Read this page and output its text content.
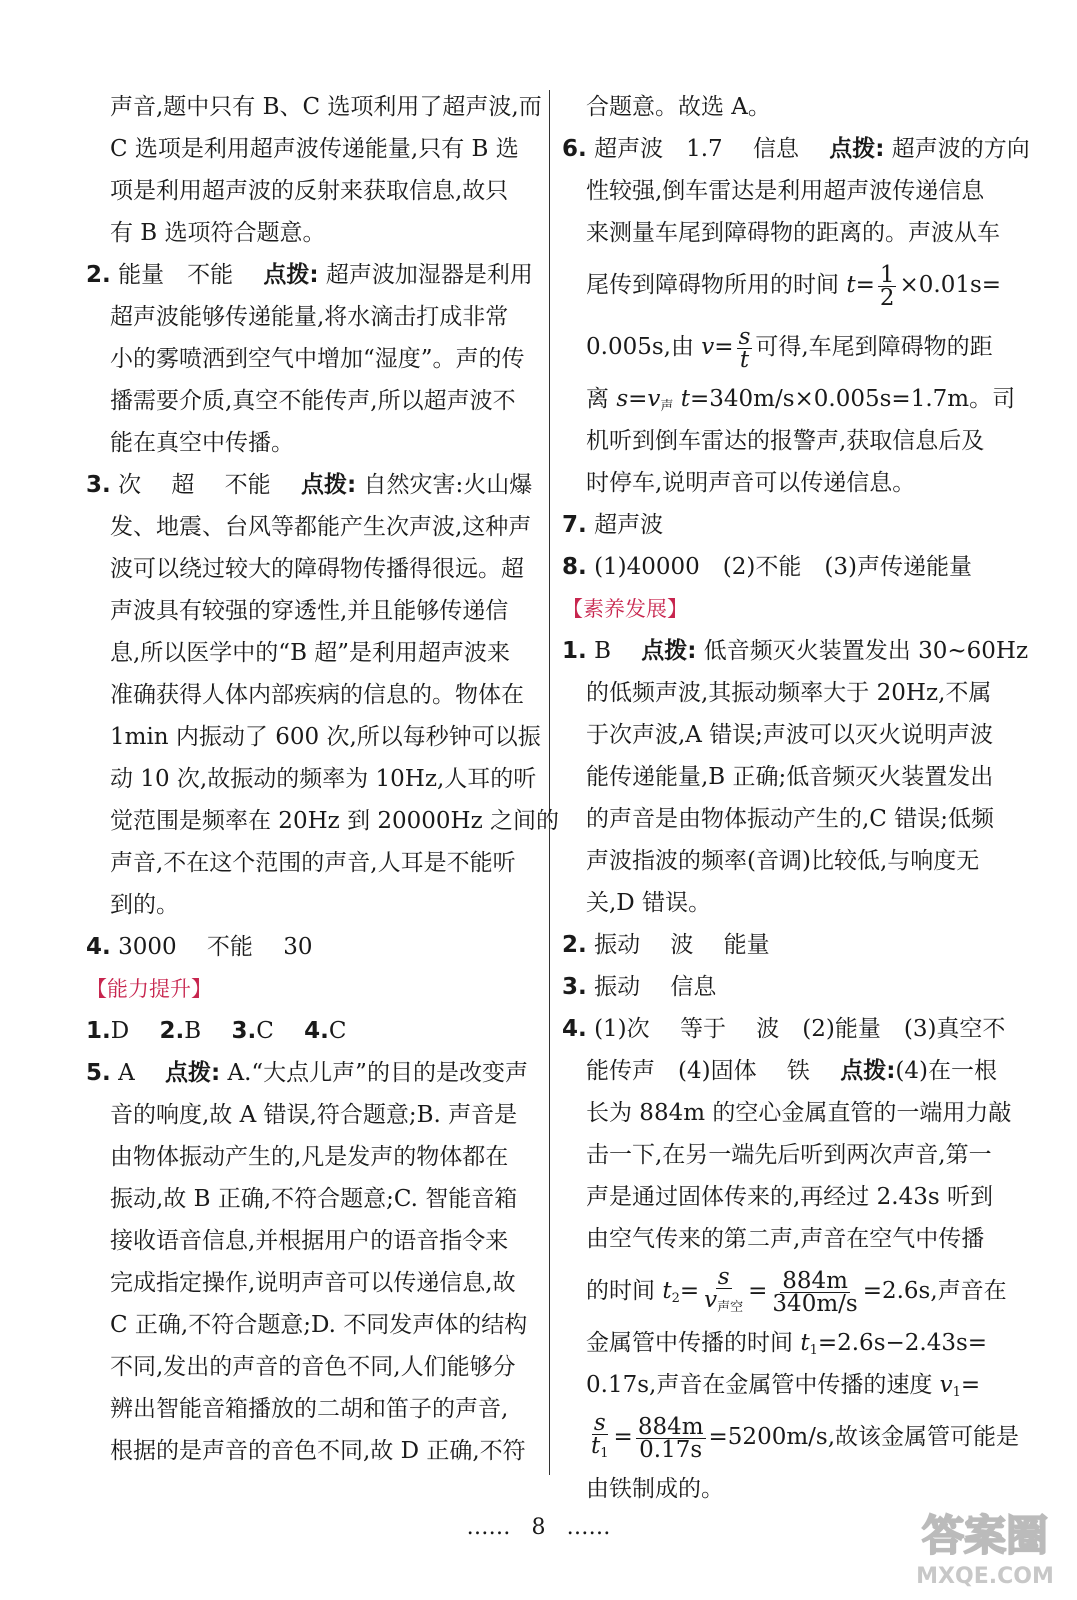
声音,题中只有 B、C 选项利用了超声波,而
C 选项是利用超声波传递能量,只有 B 选
项是利用超声波的反射来获取信息,故只
有 B 选项符合题意。
2. 能量　不能　 点拨: 超声波加湿器是利用
超声波能够传递能量,将水滴击打成非常
小的雾喷洒到空气中增加“湿度”。声的传
播需要介质,真空不能传声,所以超声波不
能在真空中传播。
3. 次　 超　 不能　 点拨: 自然灾害:火山爆
发、地震、台风等都能产生次声波,这种声
波可以绕过较大的障碍物传播得很远。超
声波具有较强的穿透性,并且能够传递信
息,所以医学中的“B 超”是利用超声波来
准确获得人体内部疾病的信息的。物体在
1min 内振动了 600 次,所以每秒钟可以振
动 10 次,故振动的频率为 10Hz,人耳的听
觉范围是频率在 20Hz 到 20000Hz 之间的
声音,不在这个范围的声音,人耳是不能听
到的。
4. 3000　 不能　 30
【能力提升】
1.D　 2.B　 3.C　 4.C
5. A　 点拨: A.“大点儿声”的目的是改变声
音的响度,故 A 错误,符合题意;B. 声音是
由物体振动产生的,凡是发声的物体都在
振动,故 B 正确,不符合题意;C. 智能音箱
接收语音信息,并根据用户的语音指令来
完成指定操作,说明声音可以传递信息,故
C 正确,不符合题意;D. 不同发声体的结构
不同,发出的声音的音色不同,人们能够分
辨出智能音箱播放的二胡和笛子的声音,
根据的是声音的音色不同,故 D 正确,不符
合题意。故选 A。
6. 超声波　1.7　 信息　 点拨: 超声波的方向
性较强,倒车雷达是利用超声波传递信息
来测量车尾到障碍物的距离的。声波从车
尾传到障碍物所用的时间 $t= \frac{1}{2} \times 0.01s=$
0.005s,由 $v= \frac{s}{t}$ 可得,车尾到障碍物的距
离 $s=v_声$ t=340m/s×0.005s=1.7m。司
机听到倒车雷达的报警声,获取信息后及
时停车,说明声音可以传递信息。
7. 超声波
8. (1)40000　(2)不能　(3)声传递能量
【素养发展】
1. B　 点拨: 低音频灭火装置发出 30~60Hz
的低频声波,其振动频率大于 20Hz,不属
于次声波,A 错误;声波可以灭火说明声波
能传递能量,B 正确;低音频灭火装置发出
的声音是由物体振动产生的,C 错误;低频
声波指波的频率(音调)比较低,与响度无
关,D 错误。
2. 振动　 波　 能量
3. 振动　 信息
4. (1)次　 等于　 波　(2)能量　(3)真空不
能传声　(4)固体　 铁　 点拨:(4)在一根
长为 884m 的空心金属直管的一端用力敲
击一下,在另一端先后听到两次声音,第一
声是通过固体传来的,再经过 2.43s 听到
由空气传来的第二声,声音在空气中传播
的时间 $t_2= \frac{s}{v_{声空}} = \frac{884m}{340m/s} =2.6s$,声音在
金属管中传播的时间 $t_1=2.6s-2.43s=$
0.17s,声音在金属管中传播的速度 $v_1=$
$\frac{s}{t_1} = \frac{884m}{0.17s} =5200m/s$,故该金属管可能是
由铁制成的。
…… 8 ……	答案圈
MXQE.COM
